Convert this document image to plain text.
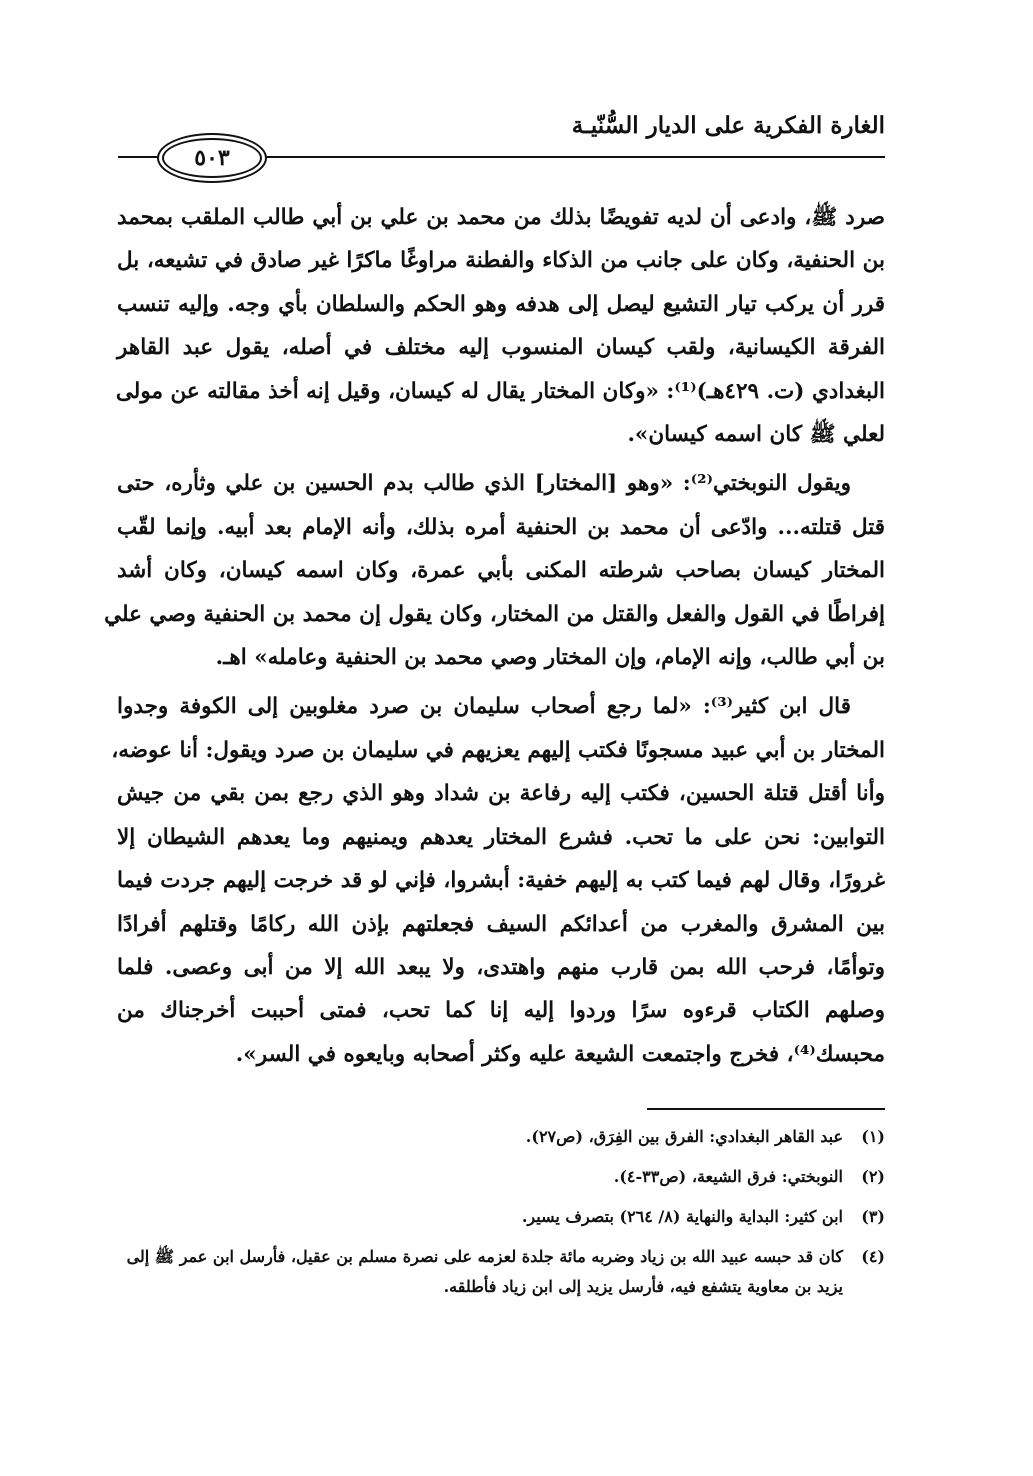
الغارة الفكرية على الديار السُّنّيـة
٥٠٣

صرد ﷺ، وادعى أن لديه تفويضًا بذلك من محمد بن علي بن أبي طالب الملقب بمحمد
بن الحنفية، وكان على جانب من الذكاء والفطنة مراوغًا ماكرًا غير صادق في تشيعه، بل
قرر أن يركب تيار التشيع ليصل إلى هدفه وهو الحكم والسلطان بأي وجه. وإليه تنسب
الفرقة الكيسانية، ولقب كيسان المنسوب إليه مختلف في أصله، يقول عبد القاهر
البغدادي (ت. ٤٢٩هـ)⁽¹⁾: «وكان المختار يقال له كيسان، وقيل إنه أخذ مقالته عن مولى
لعلي ﷺ كان اسمه كيسان».

ويقول النوبختي⁽²⁾: «وهو [المختار] الذي طالب بدم الحسين بن علي وثأره، حتى
قتل قتلته... وادّعى أن محمد بن الحنفية أمره بذلك، وأنه الإمام بعد أبيه. وإنما لقّب
المختار كيسان بصاحب شرطته المكنى بأبي عمرة، وكان اسمه كيسان، وكان أشد
إفراطًا في القول والفعل والقتل من المختار، وكان يقول إن محمد بن الحنفية وصي علي
بن أبي طالب، وإنه الإمام، وإن المختار وصي محمد بن الحنفية وعامله» اهـ.

قال ابن كثير⁽³⁾: «لما رجع أصحاب سليمان بن صرد مغلوبين إلى الكوفة وجدوا
المختار بن أبي عبيد مسجونًا فكتب إليهم يعزيهم في سليمان بن صرد ويقول: أنا عوضه،
وأنا أقتل قتلة الحسين، فكتب إليه رفاعة بن شداد وهو الذي رجع بمن بقي من جيش
التوابين: نحن على ما تحب. فشرع المختار يعدهم ويمنيهم وما يعدهم الشيطان إلا
غرورًا، وقال لهم فيما كتب به إليهم خفية: أبشروا، فإني لو قد خرجت إليهم جردت فيما
بين المشرق والمغرب من أعدائكم السيف فجعلتهم بإذن الله ركامًا وقتلهم أفرادًا
وتوأمًا، فرحب الله بمن قارب منهم واهتدى، ولا يبعد الله إلا من أبى وعصى. فلما
وصلهم الكتاب قرءوه سرًا وردوا إليه إنا كما تحب، فمتى أحببت أخرجناك من
محبسك⁽⁴⁾، فخرج واجتمعت الشيعة عليه وكثر أصحابه وبايعوه في السر».

(١)
عبد القاهر البغدادي: الفرق بين الفِرَق، (ص٢٧).
(٢)
النوبختي: فرق الشيعة، (ص٣٣-٤).
(٣)
ابن كثير: البداية والنهاية (٨/ ٢٦٤) بتصرف يسير.
(٤)
كان قد حبسه عبيد الله بن زياد وضربه مائة جلدة لعزمه على نصرة مسلم بن عقيل، فأرسل ابن عمر ﷺ إلى
يزيد بن معاوية يتشفع فيه، فأرسل يزيد إلى ابن زياد فأطلقه.
